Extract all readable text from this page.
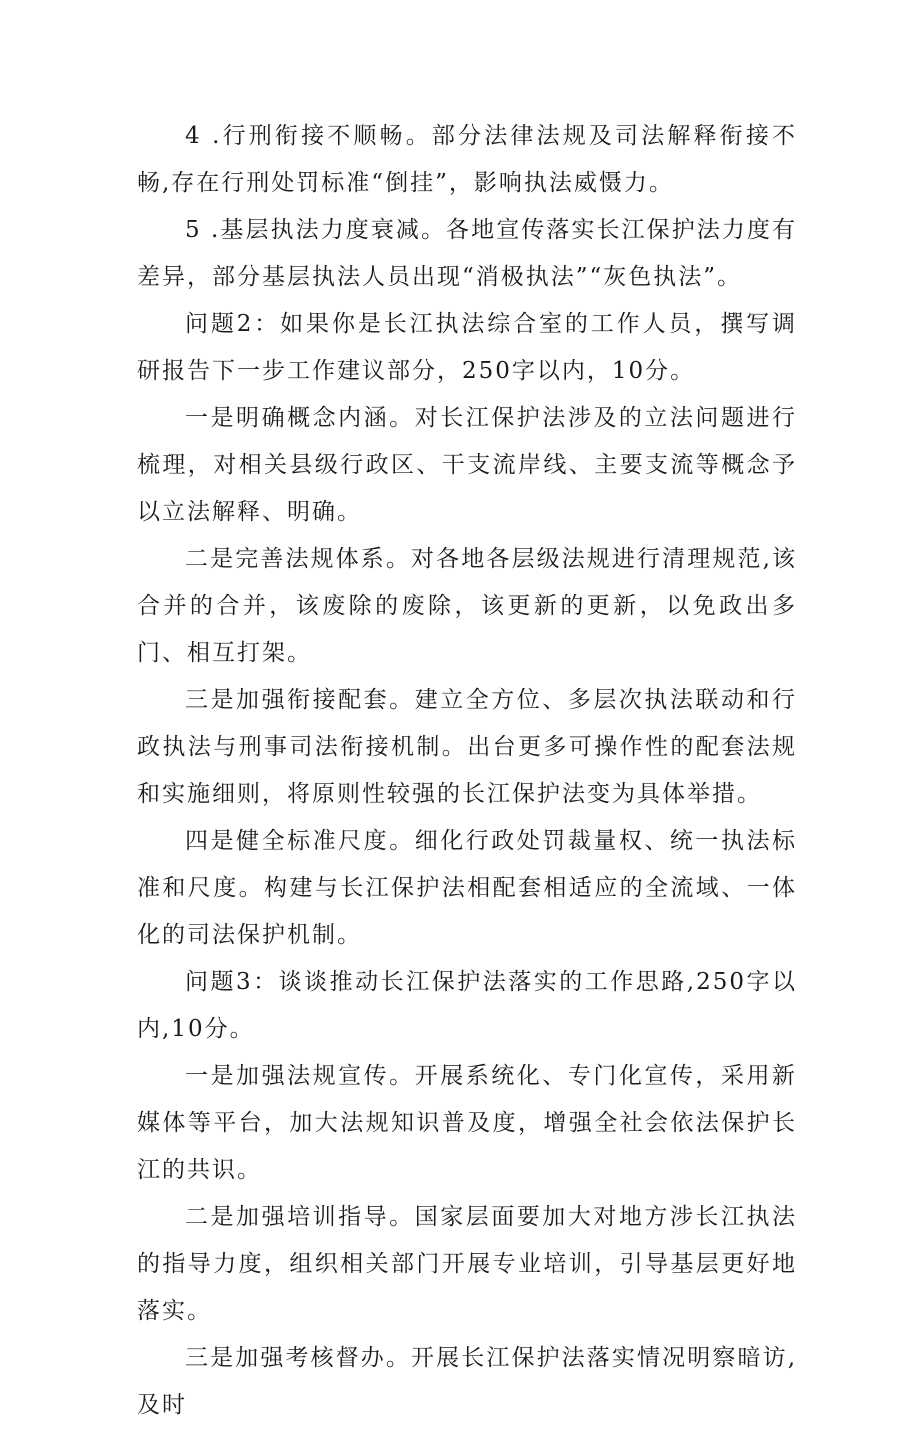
4 .行刑衔接不顺畅。部分法律法规及司法解释衔接不畅,存在行刑处罚标准“倒挂”，影响执法威慑力。

5 .基层执法力度衰减。各地宣传落实长江保护法力度有差异，部分基层执法人员出现“消极执法”“灰色执法”。

问题2：如果你是长江执法综合室的工作人员，撰写调研报告下一步工作建议部分，250字以内，10分。

一是明确概念内涵。对长江保护法涉及的立法问题进行梳理，对相关县级行政区、干支流岸线、主要支流等概念予以立法解释、明确。

二是完善法规体系。对各地各层级法规进行清理规范,该合并的合并，该废除的废除，该更新的更新，以免政出多门、相互打架。

三是加强衔接配套。建立全方位、多层次执法联动和行政执法与刑事司法衔接机制。出台更多可操作性的配套法规和实施细则，将原则性较强的长江保护法变为具体举措。

四是健全标准尺度。细化行政处罚裁量权、统一执法标准和尺度。构建与长江保护法相配套相适应的全流域、一体化的司法保护机制。

问题3：谈谈推动长江保护法落实的工作思路,250字以内,10分。

一是加强法规宣传。开展系统化、专门化宣传，采用新媒体等平台，加大法规知识普及度，增强全社会依法保护长江的共识。

二是加强培训指导。国家层面要加大对地方涉长江执法的指导力度，组织相关部门开展专业培训，引导基层更好地落实。

三是加强考核督办。开展长江保护法落实情况明察暗访,及时
